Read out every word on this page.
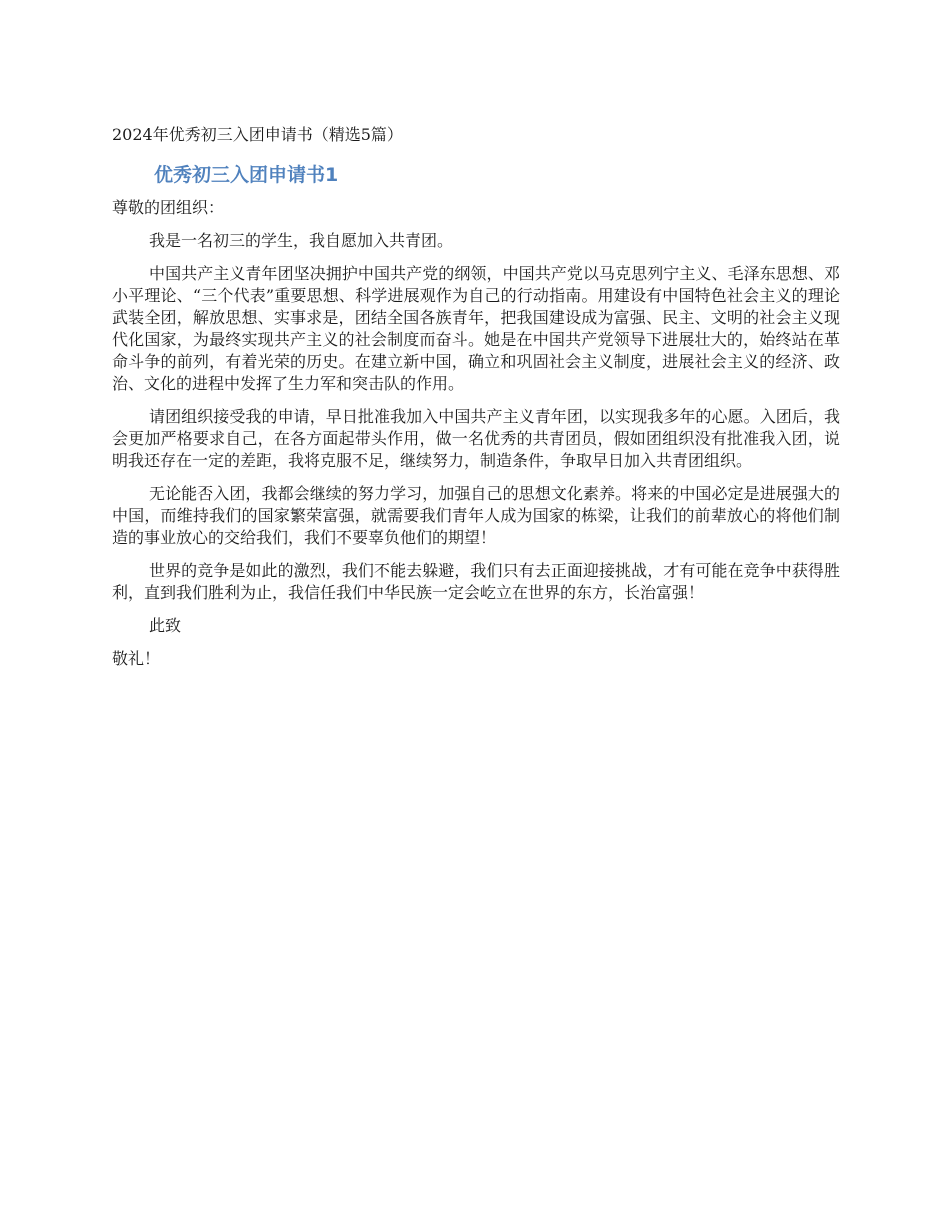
2024年优秀初三入团申请书（精选5篇）

优秀初三入团申请书1

尊敬的团组织：

我是一名初三的学生，我自愿加入共青团。

中国共产主义青年团坚决拥护中国共产党的纲领，中国共产党以马克思列宁主义、毛泽东思想、邓小平理论、“三个代表”重要思想、科学进展观作为自己的行动指南。用建设有中国特色社会主义的理论武装全团，解放思想、实事求是，团结全国各族青年，把我国建设成为富强、民主、文明的社会主义现代化国家，为最终实现共产主义的社会制度而奋斗。她是在中国共产党领导下进展壮大的，始终站在革命斗争的前列，有着光荣的历史。在建立新中国，确立和巩固社会主义制度，进展社会主义的经济、政治、文化的进程中发挥了生力军和突击队的作用。

请团组织接受我的申请，早日批准我加入中国共产主义青年团，以实现我多年的心愿。入团后，我会更加严格要求自己，在各方面起带头作用，做一名优秀的共青团员，假如团组织没有批准我入团，说明我还存在一定的差距，我将克服不足，继续努力，制造条件，争取早日加入共青团组织。

无论能否入团，我都会继续的努力学习，加强自己的思想文化素养。将来的中国必定是进展强大的中国，而维持我们的国家繁荣富强，就需要我们青年人成为国家的栋梁，让我们的前辈放心的将他们制造的事业放心的交给我们，我们不要辜负他们的期望！

世界的竞争是如此的激烈，我们不能去躲避，我们只有去正面迎接挑战，才有可能在竞争中获得胜利，直到我们胜利为止，我信任我们中华民族一定会屹立在世界的东方，长治富强！

此致

敬礼！
